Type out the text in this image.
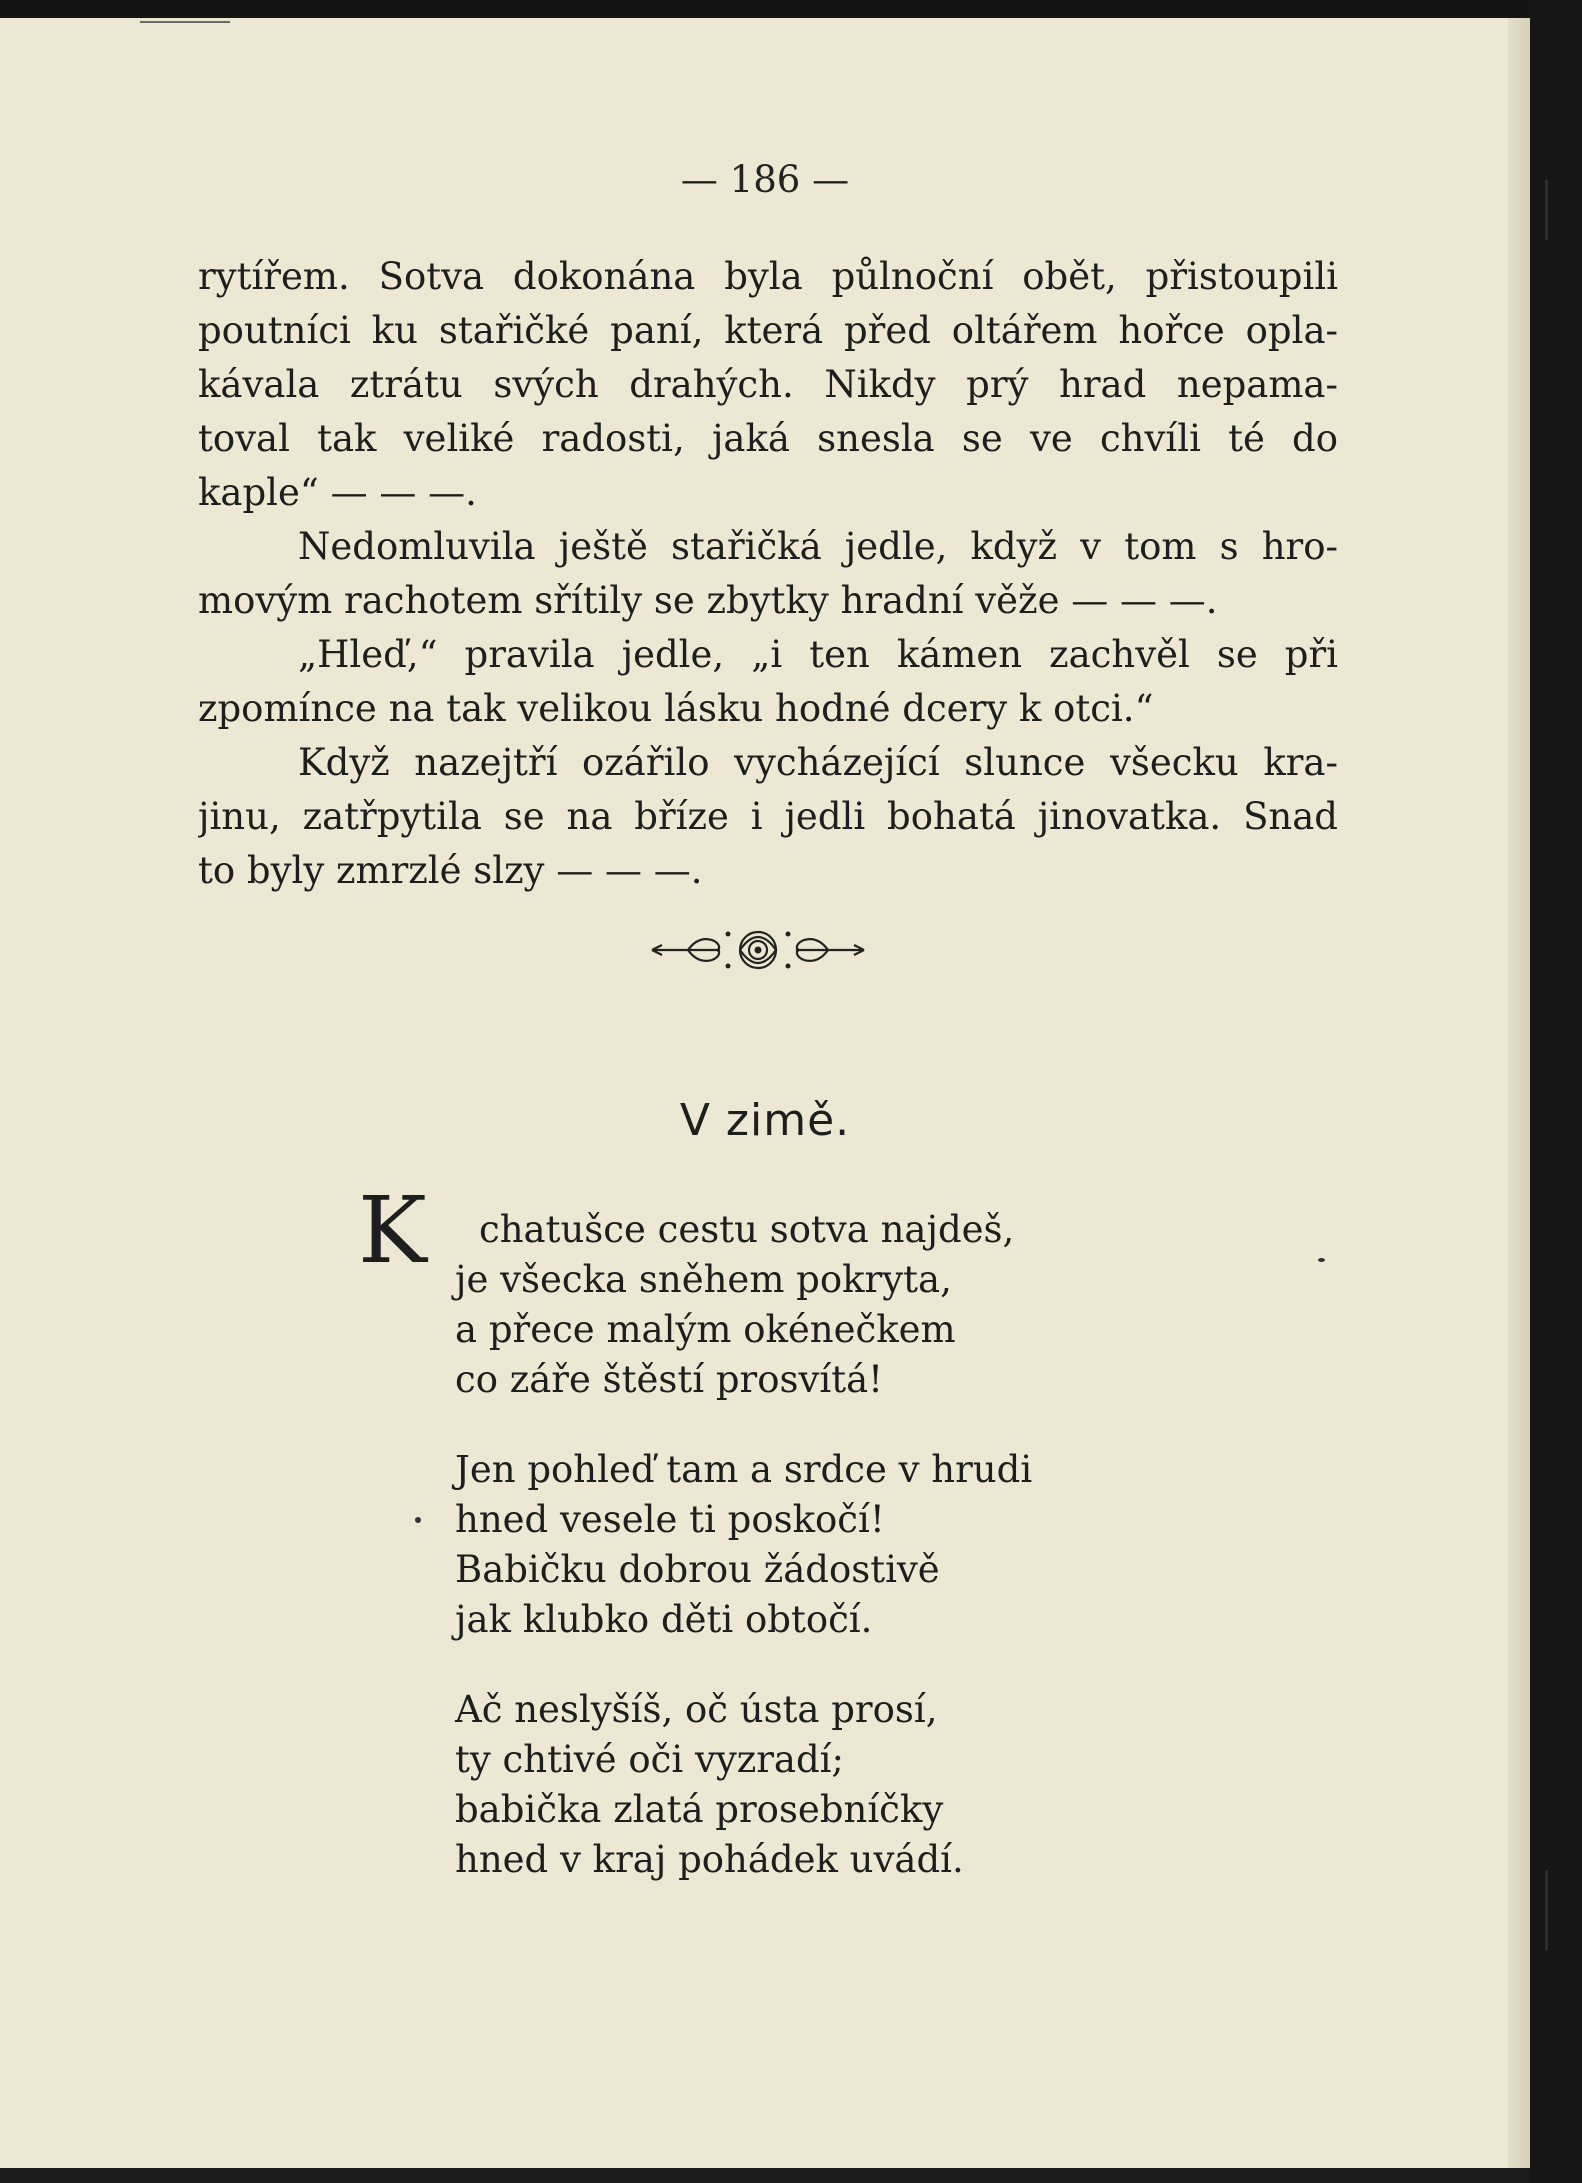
— 186 —
rytířem. Sotva dokonána byla půlnoční obět, přistoupili
poutníci ku stařičké paní, která před oltářem hořce opla-
kávala ztrátu svých drahých. Nikdy prý hrad nepama-
toval tak veliké radosti, jaká snesla se ve chvíli té do
kaple“ — — —.
Nedomluvila ještě stařičká jedle, když v tom s hro-
movým rachotem sřítily se zbytky hradní věže — — —.
„Hleď,“ pravila jedle, „i ten kámen zachvěl se při
zpomínce na tak velikou lásku hodné dcery k otci.“
Když nazejtří ozářilo vycházející slunce všecku kra-
jinu, zatřpytila se na bříze i jedli bohatá jinovatka. Snad
to byly zmrzlé slzy — — —.
V zimě.
K	chatušce cestu sotva najdeš,
je všecka sněhem pokryta,
a přece malým okénečkem
co záře štěstí prosvítá!
Jen pohleď tam a srdce v hrudi
hned vesele ti poskočí!
Babičku dobrou žádostivě
jak klubko děti obtočí.
Ač neslyšíš, oč ústa prosí,
ty chtivé oči vyzradí;
babička zlatá prosebníčky
hned v kraj pohádek uvádí.
